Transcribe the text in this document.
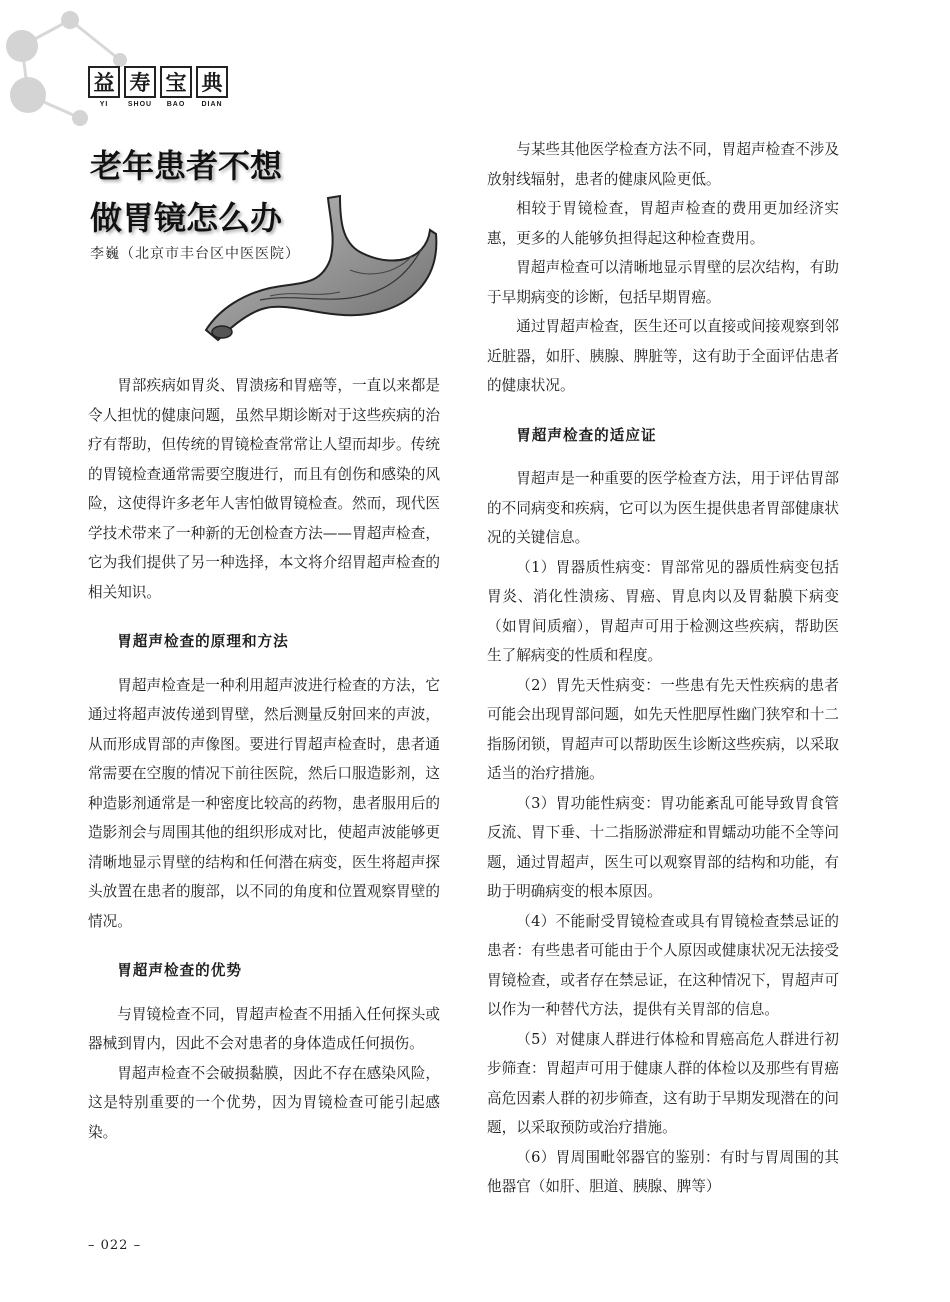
益 寿 宝 典
YI	SHOU	BAO	DIAN
老年患者不想
做胃镜怎么办
李巍（北京市丰台区中医医院）

胃部疾病如胃炎、胃溃疡和胃癌等，一直以来都是令人担忧的健康问题，虽然早期诊断对于这些疾病的治疗有帮助，但传统的胃镜检查常常让人望而却步。传统的胃镜检查通常需要空腹进行，而且有创伤和感染的风险，这使得许多老年人害怕做胃镜检查。然而，现代医学技术带来了一种新的无创检查方法——胃超声检查，它为我们提供了另一种选择，本文将介绍胃超声检查的相关知识。

胃超声检查的原理和方法

胃超声检查是一种利用超声波进行检查的方法，它通过将超声波传递到胃壁，然后测量反射回来的声波，从而形成胃部的声像图。要进行胃超声检查时，患者通常需要在空腹的情况下前往医院，然后口服造影剂，这种造影剂通常是一种密度比较高的药物，患者服用后的造影剂会与周围其他的组织形成对比，使超声波能够更清晰地显示胃壁的结构和任何潜在病变，医生将超声探头放置在患者的腹部，以不同的角度和位置观察胃壁的情况。

胃超声检查的优势

与胃镜检查不同，胃超声检查不用插入任何探头或器械到胃内，因此不会对患者的身体造成任何损伤。

胃超声检查不会破损黏膜，因此不存在感染风险，这是特别重要的一个优势，因为胃镜检查可能引起感染。

与某些其他医学检查方法不同，胃超声检查不涉及放射线辐射，患者的健康风险更低。

相较于胃镜检查，胃超声检查的费用更加经济实惠，更多的人能够负担得起这种检查费用。

胃超声检查可以清晰地显示胃壁的层次结构，有助于早期病变的诊断，包括早期胃癌。

通过胃超声检查，医生还可以直接或间接观察到邻近脏器，如肝、胰腺、脾脏等，这有助于全面评估患者的健康状况。

胃超声检查的适应证

胃超声是一种重要的医学检查方法，用于评估胃部的不同病变和疾病，它可以为医生提供患者胃部健康状况的关键信息。

（1）胃器质性病变：胃部常见的器质性病变包括胃炎、消化性溃疡、胃癌、胃息肉以及胃黏膜下病变（如胃间质瘤），胃超声可用于检测这些疾病，帮助医生了解病变的性质和程度。

（2）胃先天性病变：一些患有先天性疾病的患者可能会出现胃部问题，如先天性肥厚性幽门狭窄和十二指肠闭锁，胃超声可以帮助医生诊断这些疾病，以采取适当的治疗措施。

（3）胃功能性病变：胃功能紊乱可能导致胃食管反流、胃下垂、十二指肠淤滞症和胃蠕动功能不全等问题，通过胃超声，医生可以观察胃部的结构和功能，有助于明确病变的根本原因。

（4）不能耐受胃镜检查或具有胃镜检查禁忌证的患者：有些患者可能由于个人原因或健康状况无法接受胃镜检查，或者存在禁忌证，在这种情况下，胃超声可以作为一种替代方法，提供有关胃部的信息。

（5）对健康人群进行体检和胃癌高危人群进行初步筛查：胃超声可用于健康人群的体检以及那些有胃癌高危因素人群的初步筛查，这有助于早期发现潜在的问题，以采取预防或治疗措施。

（6）胃周围毗邻器官的鉴别：有时与胃周围的其他器官（如肝、胆道、胰腺、脾等）

– 022 –
